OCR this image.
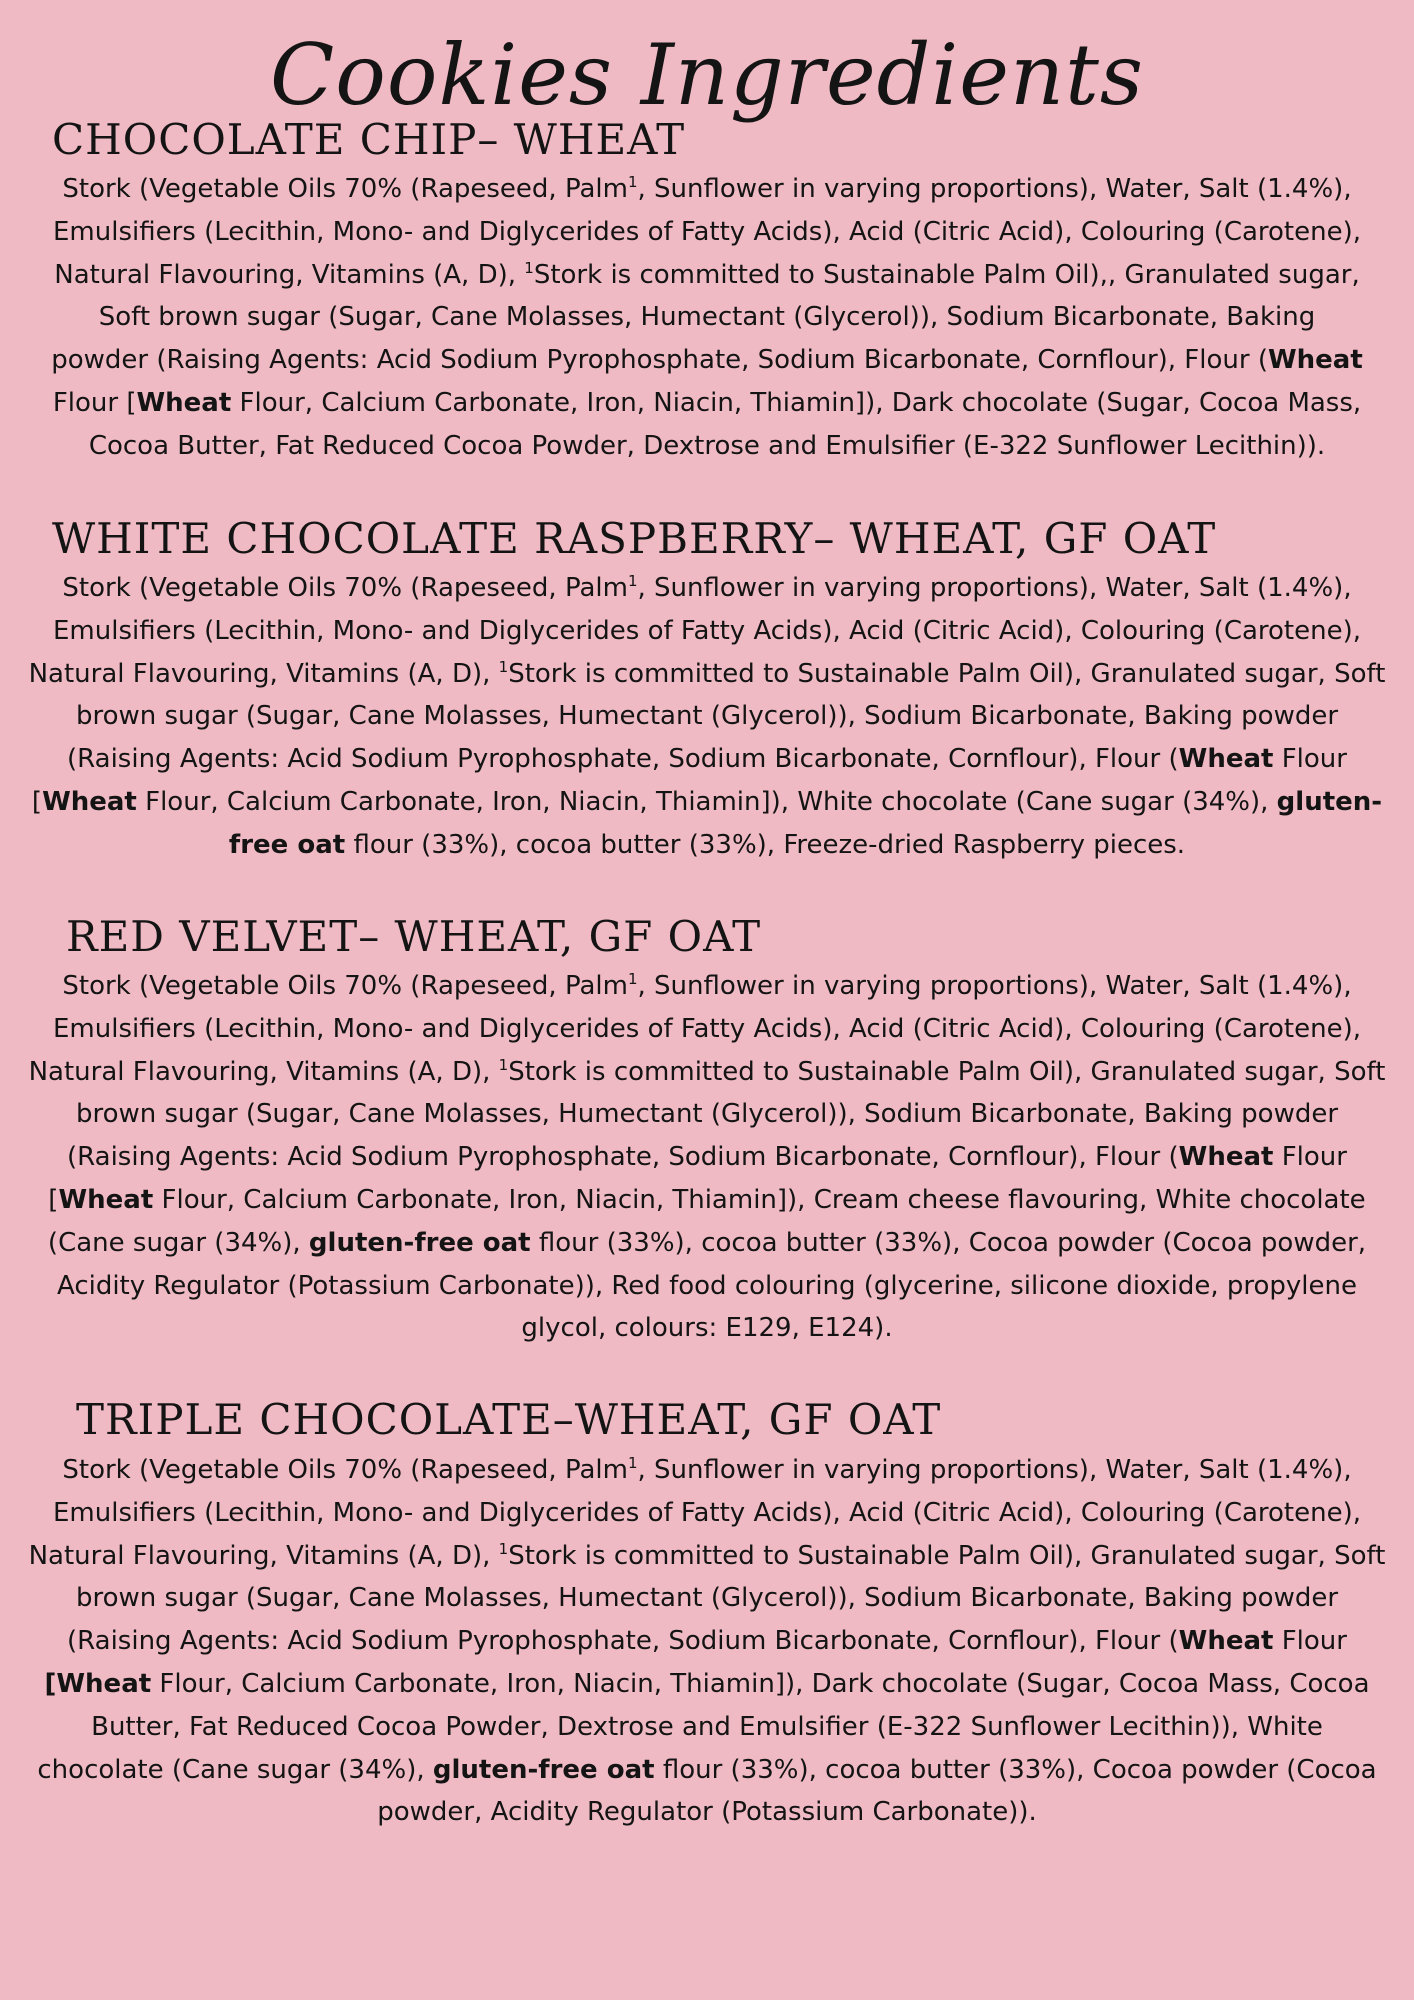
Cookies Ingredients
CHOCOLATE CHIP– WHEAT

Stork (Vegetable Oils 70% (Rapeseed, Palm$^1$, Sunflower in varying proportions), Water, Salt (1.4%), Emulsifiers (Lecithin, Mono- and Diglycerides of Fatty Acids), Acid (Citric Acid), Colouring (Carotene), Natural Flavouring, Vitamins (A, D), $^1$Stork is committed to Sustainable Palm Oil),, Granulated sugar, Soft brown sugar (Sugar, Cane Molasses, Humectant (Glycerol)), Sodium Bicarbonate, Baking powder (Raising Agents: Acid Sodium Pyrophosphate, Sodium Bicarbonate, Cornflour), Flour (Wheat Flour [Wheat Flour, Calcium Carbonate, Iron, Niacin, Thiamin]), Dark chocolate (Sugar, Cocoa Mass, Cocoa Butter, Fat Reduced Cocoa Powder, Dextrose and Emulsifier (E-322 Sunflower Lecithin)).

WHITE CHOCOLATE RASPBERRY– WHEAT, GF OAT

Stork (Vegetable Oils 70% (Rapeseed, Palm$^1$, Sunflower in varying proportions), Water, Salt (1.4%), Emulsifiers (Lecithin, Mono- and Diglycerides of Fatty Acids), Acid (Citric Acid), Colouring (Carotene), Natural Flavouring, Vitamins (A, D), $^1$Stork is committed to Sustainable Palm Oil), Granulated sugar, Soft brown sugar (Sugar, Cane Molasses, Humectant (Glycerol)), Sodium Bicarbonate, Baking powder (Raising Agents: Acid Sodium Pyrophosphate, Sodium Bicarbonate, Cornflour), Flour (Wheat Flour [Wheat Flour, Calcium Carbonate, Iron, Niacin, Thiamin]), White chocolate (Cane sugar (34%), gluten-free oat flour (33%), cocoa butter (33%), Freeze-dried Raspberry pieces.

RED VELVET– WHEAT, GF OAT

Stork (Vegetable Oils 70% (Rapeseed, Palm$^1$, Sunflower in varying proportions), Water, Salt (1.4%), Emulsifiers (Lecithin, Mono- and Diglycerides of Fatty Acids), Acid (Citric Acid), Colouring (Carotene), Natural Flavouring, Vitamins (A, D), $^1$Stork is committed to Sustainable Palm Oil), Granulated sugar, Soft brown sugar (Sugar, Cane Molasses, Humectant (Glycerol)), Sodium Bicarbonate, Baking powder (Raising Agents: Acid Sodium Pyrophosphate, Sodium Bicarbonate, Cornflour), Flour (Wheat Flour [Wheat Flour, Calcium Carbonate, Iron, Niacin, Thiamin]), Cream cheese flavouring, White chocolate (Cane sugar (34%), gluten-free oat flour (33%), cocoa butter (33%), Cocoa powder (Cocoa powder, Acidity Regulator (Potassium Carbonate)), Red food colouring (glycerine, silicone dioxide, propylene glycol, colours: E129, E124).

TRIPLE CHOCOLATE–WHEAT, GF OAT

Stork (Vegetable Oils 70% (Rapeseed, Palm$^1$, Sunflower in varying proportions), Water, Salt (1.4%), Emulsifiers (Lecithin, Mono- and Diglycerides of Fatty Acids), Acid (Citric Acid), Colouring (Carotene), Natural Flavouring, Vitamins (A, D), $^1$Stork is committed to Sustainable Palm Oil), Granulated sugar, Soft brown sugar (Sugar, Cane Molasses, Humectant (Glycerol)), Sodium Bicarbonate, Baking powder (Raising Agents: Acid Sodium Pyrophosphate, Sodium Bicarbonate, Cornflour), Flour (Wheat Flour [Wheat Flour, Calcium Carbonate, Iron, Niacin, Thiamin]), Dark chocolate (Sugar, Cocoa Mass, Cocoa Butter, Fat Reduced Cocoa Powder, Dextrose and Emulsifier (E-322 Sunflower Lecithin)), White chocolate (Cane sugar (34%), gluten-free oat flour (33%), cocoa butter (33%), Cocoa powder (Cocoa powder, Acidity Regulator (Potassium Carbonate)).
